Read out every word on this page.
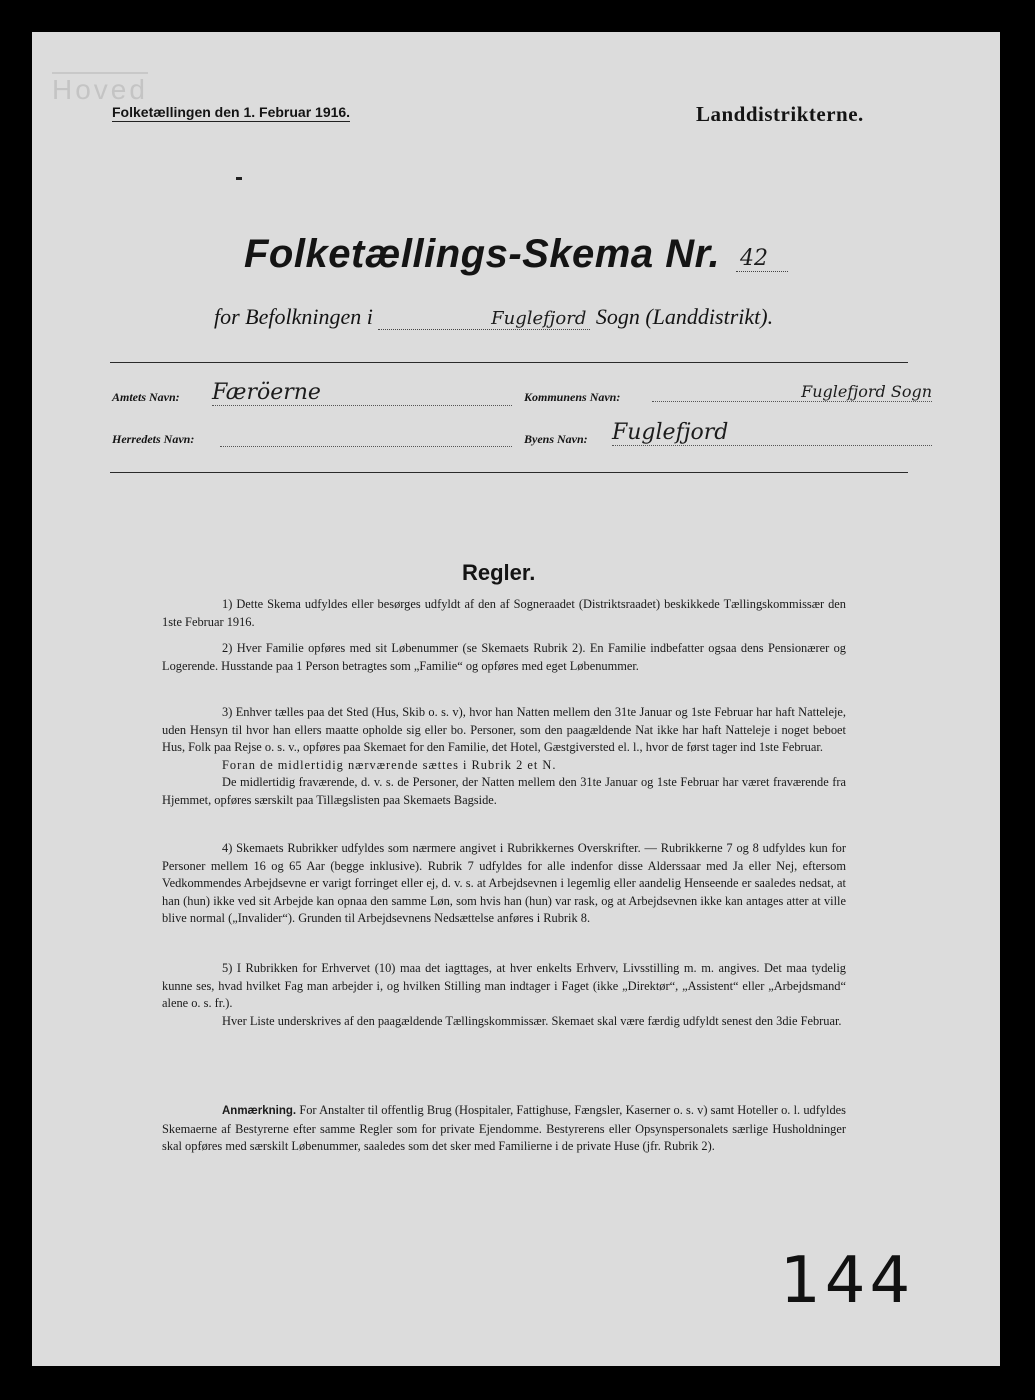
Hoved
Folketællingen den 1. Februar 1916.	Landdistrikterne.
Folketællings-Skema Nr. 42
for Befolkningen i	Fuglefjord Sogn (Landdistrikt).
Amtets Navn: Færöerne	Kommunens Navn:	Fuglefjord Sogn
Herredets Navn:	Byens Navn: Fuglefjord
Regler.

1) Dette Skema udfyldes eller besørges udfyldt af den af Sogneraadet (Distriktsraadet) beskikkede Tællingskommissær den 1ste Februar 1916.

2) Hver Familie opføres med sit Løbenummer (se Skemaets Rubrik 2). En Familie indbefatter ogsaa dens Pensionærer og Logerende. Husstande paa 1 Person betragtes som „Familie“ og opføres med eget Løbenummer.

3) Enhver tælles paa det Sted (Hus, Skib o. s. v), hvor han Natten mellem den 31te Januar og 1ste Februar har haft Natteleje, uden Hensyn til hvor han ellers maatte opholde sig eller bo. Personer, som den paagældende Nat ikke har haft Natteleje i noget beboet Hus, Folk paa Rejse o. s. v., opføres paa Skemaet for den Familie, det Hotel, Gæstgiversted el. l., hvor de først tager ind 1ste Februar.

Foran de midlertidig nærværende sættes i Rubrik 2 et N.

De midlertidig fraværende, d. v. s. de Personer, der Natten mellem den 31te Januar og 1ste Februar har været fraværende fra Hjemmet, opføres særskilt paa Tillægslisten paa Skemaets Bagside.

4) Skemaets Rubrikker udfyldes som nærmere angivet i Rubrikkernes Overskrifter. — Rubrikkerne 7 og 8 udfyldes kun for Personer mellem 16 og 65 Aar (begge inklusive). Rubrik 7 udfyldes for alle indenfor disse Alderssaar med Ja eller Nej, eftersom Vedkommendes Arbejdsevne er varigt forringet eller ej, d. v. s. at Arbejdsevnen i legemlig eller aandelig Henseende er saaledes nedsat, at han (hun) ikke ved sit Arbejde kan opnaa den samme Løn, som hvis han (hun) var rask, og at Arbejdsevnen ikke kan antages atter at ville blive normal („Invalider“). Grunden til Arbejdsevnens Nedsættelse anføres i Rubrik 8.

5) I Rubrikken for Erhvervet (10) maa det iagttages, at hver enkelts Erhverv, Livsstilling m. m. angives. Det maa tydelig kunne ses, hvad hvilket Fag man arbejder i, og hvilken Stilling man indtager i Faget (ikke „Direktør“, „Assistent“ eller „Arbejdsmand“ alene o. s. fr.).

Hver Liste underskrives af den paagældende Tællingskommissær. Skemaet skal være færdig udfyldt senest den 3die Februar.

Anmærkning. For Anstalter til offentlig Brug (Hospitaler, Fattighuse, Fængsler, Kaserner o. s. v) samt Hoteller o. l. udfyldes Skemaerne af Bestyrerne efter samme Regler som for private Ejendomme. Bestyrerens eller Opsynspersonalets særlige Husholdninger skal opføres med særskilt Løbenummer, saaledes som det sker med Familierne i de private Huse (jfr. Rubrik 2).

144
